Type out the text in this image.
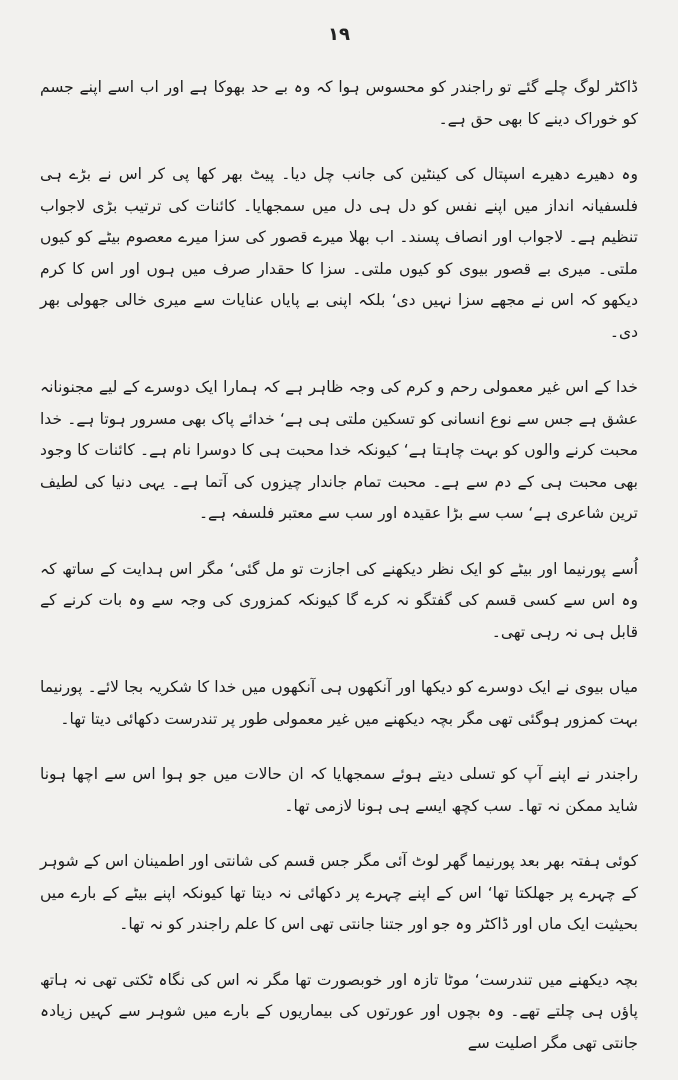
۱۹

ڈاکٹر لوگ چلے گئے تو راجندر کو محسوس ہوا کہ وہ بے حد بھوکا ہے اور اب اسے اپنے جسم کو خوراک دینے کا بھی حق ہے۔

وہ دھیرے دھیرے اسپتال کی کینٹین کی جانب چل دیا۔ پیٹ بھر کھا پی کر اس نے بڑے ہی فلسفیانہ انداز میں اپنے نفس کو دل ہی دل میں سمجھایا۔ کائنات کی ترتیب بڑی لاجواب تنظیم ہے۔ لاجواب اور انصاف پسند۔ اب بھلا میرے قصور کی سزا میرے معصوم بیٹے کو کیوں ملتی۔ میری بے قصور بیوی کو کیوں ملتی۔ سزا کا حقدار صرف میں ہوں اور اس کا کرم دیکھو کہ اس نے مجھے سزا نہیں دی‘ بلکہ اپنی بے پایاں عنایات سے میری خالی جھولی بھر دی۔

خدا کے اس غیر معمولی رحم و کرم کی وجہ ظاہر ہے کہ ہمارا ایک دوسرے کے لیے مجنونانہ عشق ہے جس سے نوع انسانی کو تسکین ملتی ہی ہے‘ خدائے پاک بھی مسرور ہوتا ہے۔ خدا محبت کرنے والوں کو بہت چاہتا ہے‘ کیونکہ خدا محبت ہی کا دوسرا نام ہے۔ کائنات کا وجود بھی محبت ہی کے دم سے ہے۔ محبت تمام جاندار چیزوں کی آتما ہے۔ یہی دنیا کی لطیف ترین شاعری ہے‘ سب سے بڑا عقیدہ اور سب سے معتبر فلسفہ ہے۔

اُسے پورنیما اور بیٹے کو ایک نظر دیکھنے کی اجازت تو مل گئی‘ مگر اس ہدایت کے ساتھ کہ وہ اس سے کسی قسم کی گفتگو نہ کرے گا کیونکہ کمزوری کی وجہ سے وہ بات کرنے کے قابل ہی نہ رہی تھی۔

میاں بیوی نے ایک دوسرے کو دیکھا اور آنکھوں ہی آنکھوں میں خدا کا شکریہ بجا لائے۔ پورنیما بہت کمزور ہوگئی تھی مگر بچہ دیکھنے میں غیر معمولی طور پر تندرست دکھائی دیتا تھا۔

راجندر نے اپنے آپ کو تسلی دیتے ہوئے سمجھایا کہ ان حالات میں جو ہوا اس سے اچھا ہونا شاید ممکن نہ تھا۔ سب کچھ ایسے ہی ہونا لازمی تھا۔

کوئی ہفتہ بھر بعد پورنیما گھر لوٹ آئی مگر جس قسم کی شانتی اور اطمینان اس کے شوہر کے چہرے پر جھلکتا تھا‘ اس کے اپنے چہرے پر دکھائی نہ دیتا تھا کیونکہ اپنے بیٹے کے بارے میں بحیثیت ایک ماں اور ڈاکٹر وہ جو اور جتنا جانتی تھی اس کا علم راجندر کو نہ تھا۔

بچہ دیکھنے میں تندرست‘ موٹا تازہ اور خوبصورت تھا مگر نہ اس کی نگاہ ٹکتی تھی نہ ہاتھ پاؤں ہی چلتے تھے۔ وہ بچوں اور عورتوں کی بیماریوں کے بارے میں شوہر سے کہیں زیادہ جانتی تھی مگر اصلیت سے
